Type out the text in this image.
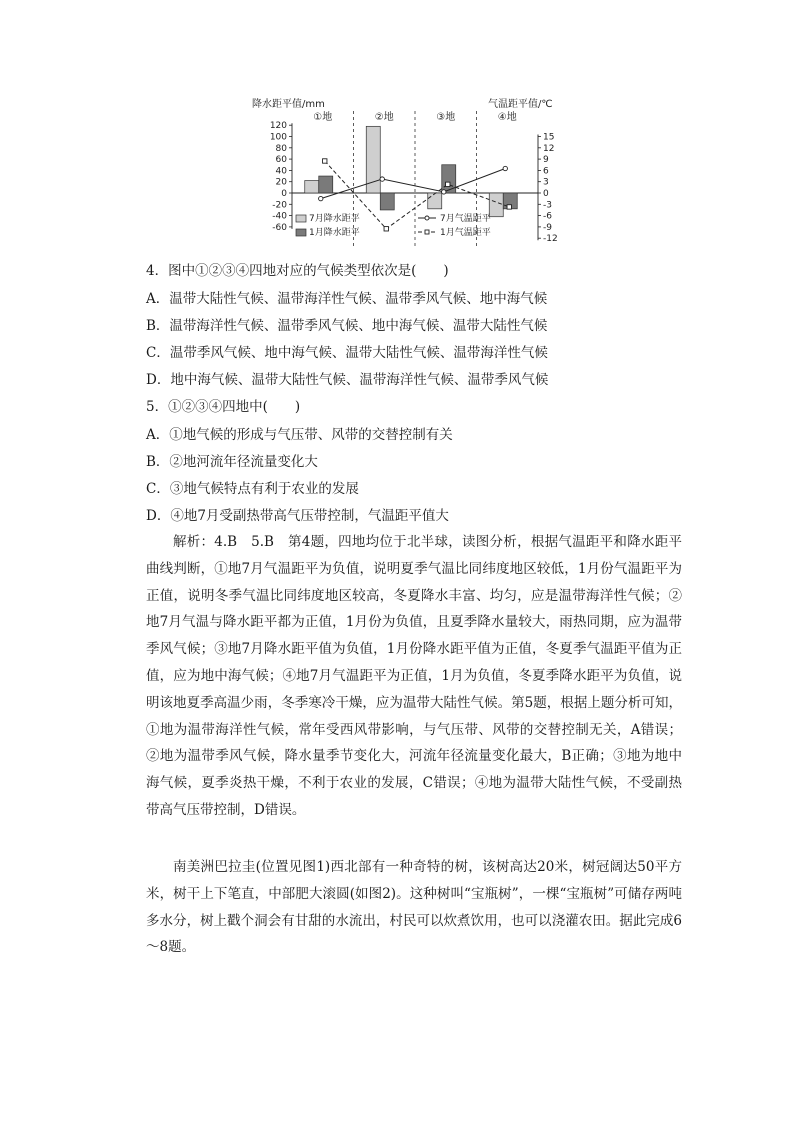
降水距平值/mm	气温距平值/℃
①地	②地	③地	④地
120
100
80
60
40
20
0
-20
-40
-60
15
12
9
6
3
0
-3
-6
-9
-12
7月降水距平
1月降水距平
7月气温距平
1月气温距平
4．图中①②③④四地对应的气候类型依次是(　　)
A．温带大陆性气候、温带海洋性气候、温带季风气候、地中海气候
B．温带海洋性气候、温带季风气候、地中海气候、温带大陆性气候
C．温带季风气候、地中海气候、温带大陆性气候、温带海洋性气候
D．地中海气候、温带大陆性气候、温带海洋性气候、温带季风气候
5．①②③④四地中(　　)
A．①地气候的形成与气压带、风带的交替控制有关
B．②地河流年径流量变化大
C．③地气候特点有利于农业的发展
D．④地7月受副热带高气压带控制，气温距平值大
解析：4.B　5.B　第4题，四地均位于北半球，读图分析，根据气温距平和降水距平曲线判断，①地7月气温距平为负值，说明夏季气温比同纬度地区较低，1月份气温距平为正值，说明冬季气温比同纬度地区较高，冬夏降水丰富、均匀，应是温带海洋性气候；②地7月气温与降水距平都为正值，1月份为负值，且夏季降水量较大，雨热同期，应为温带季风气候；③地7月降水距平值为负值，1月份降水距平值为正值，冬夏季气温距平值为正值，应为地中海气候；④地7月气温距平为正值，1月为负值，冬夏季降水距平为负值，说明该地夏季高温少雨，冬季寒冷干燥，应为温带大陆性气候。第5题，根据上题分析可知，①地为温带海洋性气候，常年受西风带影响，与气压带、风带的交替控制无关，A错误；②地为温带季风气候，降水量季节变化大，河流年径流量变化最大，B正确；③地为地中海气候，夏季炎热干燥，不利于农业的发展，C错误；④地为温带大陆性气候，不受副热带高气压带控制，D错误。
南美洲巴拉圭(位置见图1)西北部有一种奇特的树，该树高达20米，树冠阔达50平方米，树干上下笔直，中部肥大滚圆(如图2)。这种树叫“宝瓶树”，一棵“宝瓶树”可储存两吨多水分，树上戳个洞会有甘甜的水流出，村民可以炊煮饮用，也可以浇灌农田。据此完成6～8题。
